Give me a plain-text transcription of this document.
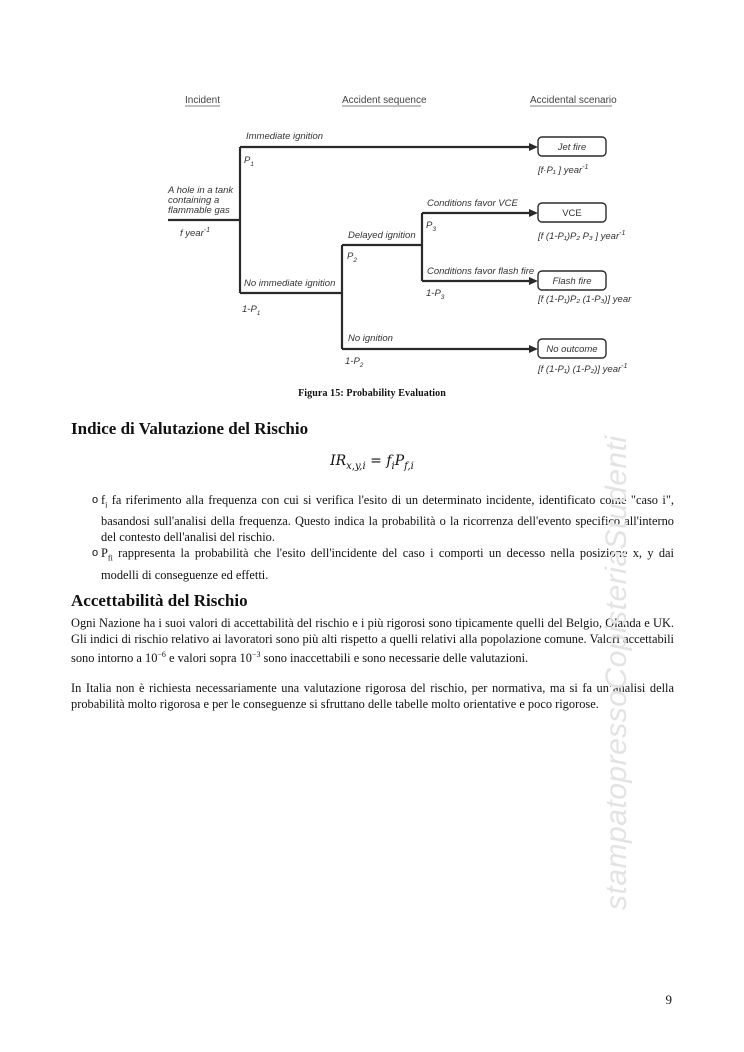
Incident	Accident sequence	Accidental scenario
Jet fire
VCE
Flash fire
No outcome
[f·P₁ ] year$^{-1}$
[f (1-P₁)P₂ P₃ ] year$^{-1}$
[f (1-P₁)P₂ (1-P₃)] year
[f (1-P₁) (1-P₂)] year$^{-1}$
A hole in a tank
containing a
flammable gas
f year$^{-1}$
Immediate ignition
$P_1$
No immediate ignition
$1-P_1$
Delayed ignition
$P_2$
No ignition
$1-P_2$
Conditions favor VCE
$P_3$
Conditions favor flash fire
$1-P_3$
Figura 15: Probability Evaluation
Indice di Valutazione del Rischio
$IR_{x,y,i} = f_iP_{f,i}$
o $f_i$ fa riferimento alla frequenza con cui si verifica l'esito di un determinato incidente, identificato come "caso i", basandosi sull'analisi della frequenza. Questo indica la probabilità o la ricorrenza dell'evento specifico all'interno del contesto dell'analisi del rischio.
o $P_{fi}$ rappresenta la probabilità che l'esito dell'incidente del caso i comporti un decesso nella posizione x, y dai modelli di conseguenze ed effetti.
Accettabilità del Rischio

Ogni Nazione ha i suoi valori di accettabilità del rischio e i più rigorosi sono tipicamente quelli del Belgio, Olanda e UK. Gli indici di rischio relativo ai lavoratori sono più alti rispetto a quelli relativi alla popolazione comune. Valori accettabili sono intorno a $10^{-6}$ e valori sopra $10^{-3}$ sono inaccettabili e sono necessarie delle valutazioni.

In Italia non è richiesta necessariamente una valutazione rigorosa del rischio, per normativa, ma si fa un’analisi della probabilità molto rigorosa e per le conseguenze si sfruttano delle tabelle molto orientative e poco rigorose. stampatopressoCopisteriaStudenti
9
